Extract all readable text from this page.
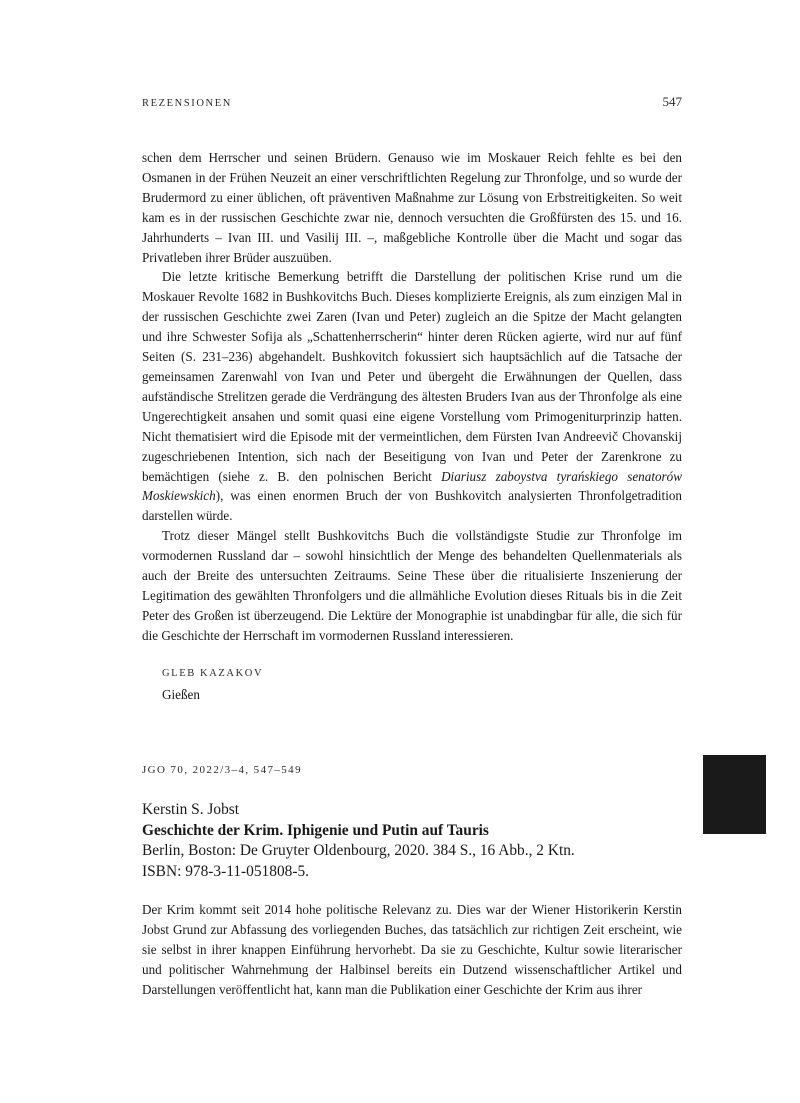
REZENSIONEN	547

schen dem Herrscher und seinen Brüdern. Genauso wie im Moskauer Reich fehlte es bei den Osmanen in der Frühen Neuzeit an einer verschriftlichten Regelung zur Thronfolge, und so wurde der Brudermord zu einer üblichen, oft präventiven Maßnahme zur Lösung von Erbstreitigkeiten. So weit kam es in der russischen Geschichte zwar nie, dennoch versuchten die Großfürsten des 15. und 16. Jahrhunderts – Ivan III. und Vasilij III. –, maßgebliche Kontrolle über die Macht und sogar das Privatleben ihrer Brüder auszuüben.

Die letzte kritische Bemerkung betrifft die Darstellung der politischen Krise rund um die Moskauer Revolte 1682 in Bushkovitchs Buch. Dieses komplizierte Ereignis, als zum einzigen Mal in der russischen Geschichte zwei Zaren (Ivan und Peter) zugleich an die Spitze der Macht gelangten und ihre Schwester Sofija als „Schattenherrscherin“ hinter deren Rücken agierte, wird nur auf fünf Seiten (S. 231–236) abgehandelt. Bushkovitch fokussiert sich hauptsächlich auf die Tatsache der gemeinsamen Zarenwahl von Ivan und Peter und übergeht die Erwähnungen der Quellen, dass aufständische Strelitzen gerade die Verdrängung des ältesten Bruders Ivan aus der Thronfolge als eine Ungerechtigkeit ansahen und somit quasi eine eigene Vorstellung vom Primogeniturprinzip hatten. Nicht thematisiert wird die Episode mit der vermeintlichen, dem Fürsten Ivan Andreevič Chovanskij zugeschriebenen Intention, sich nach der Beseitigung von Ivan und Peter der Zarenkrone zu bemächtigen (siehe z. B. den polnischen Bericht Diariusz zaboystva tyrańskiego senatorów Moskiewskich), was einen enormen Bruch der von Bushkovitch analysierten Thronfolgetradition darstellen würde.

Trotz dieser Mängel stellt Bushkovitchs Buch die vollständigste Studie zur Thronfolge im vormodernen Russland dar – sowohl hinsichtlich der Menge des behandelten Quellenmaterials als auch der Breite des untersuchten Zeitraums. Seine These über die ritualisierte Inszenierung der Legitimation des gewählten Thronfolgers und die allmähliche Evolution dieses Rituals bis in die Zeit Peter des Großen ist überzeugend. Die Lektüre der Monographie ist unabdingbar für alle, die sich für die Geschichte der Herrschaft im vormodernen Russland interessieren.

GLEB KAZAKOV
Gießen
JGO 70, 2022/3–4, 547–549
Kerstin S. Jobst
Geschichte der Krim. Iphigenie und Putin auf Tauris
Berlin, Boston: De Gruyter Oldenbourg, 2020. 384 S., 16 Abb., 2 Ktn.
ISBN: 978-3-11-051808-5.

Der Krim kommt seit 2014 hohe politische Relevanz zu. Dies war der Wiener Historikerin Kerstin Jobst Grund zur Abfassung des vorliegenden Buches, das tatsächlich zur richtigen Zeit erscheint, wie sie selbst in ihrer knappen Einführung hervorhebt. Da sie zu Geschichte, Kultur sowie literarischer und politischer Wahrnehmung der Halbinsel bereits ein Dutzend wissenschaftlicher Artikel und Darstellungen veröffentlicht hat, kann man die Publikation einer Geschichte der Krim aus ihrer
